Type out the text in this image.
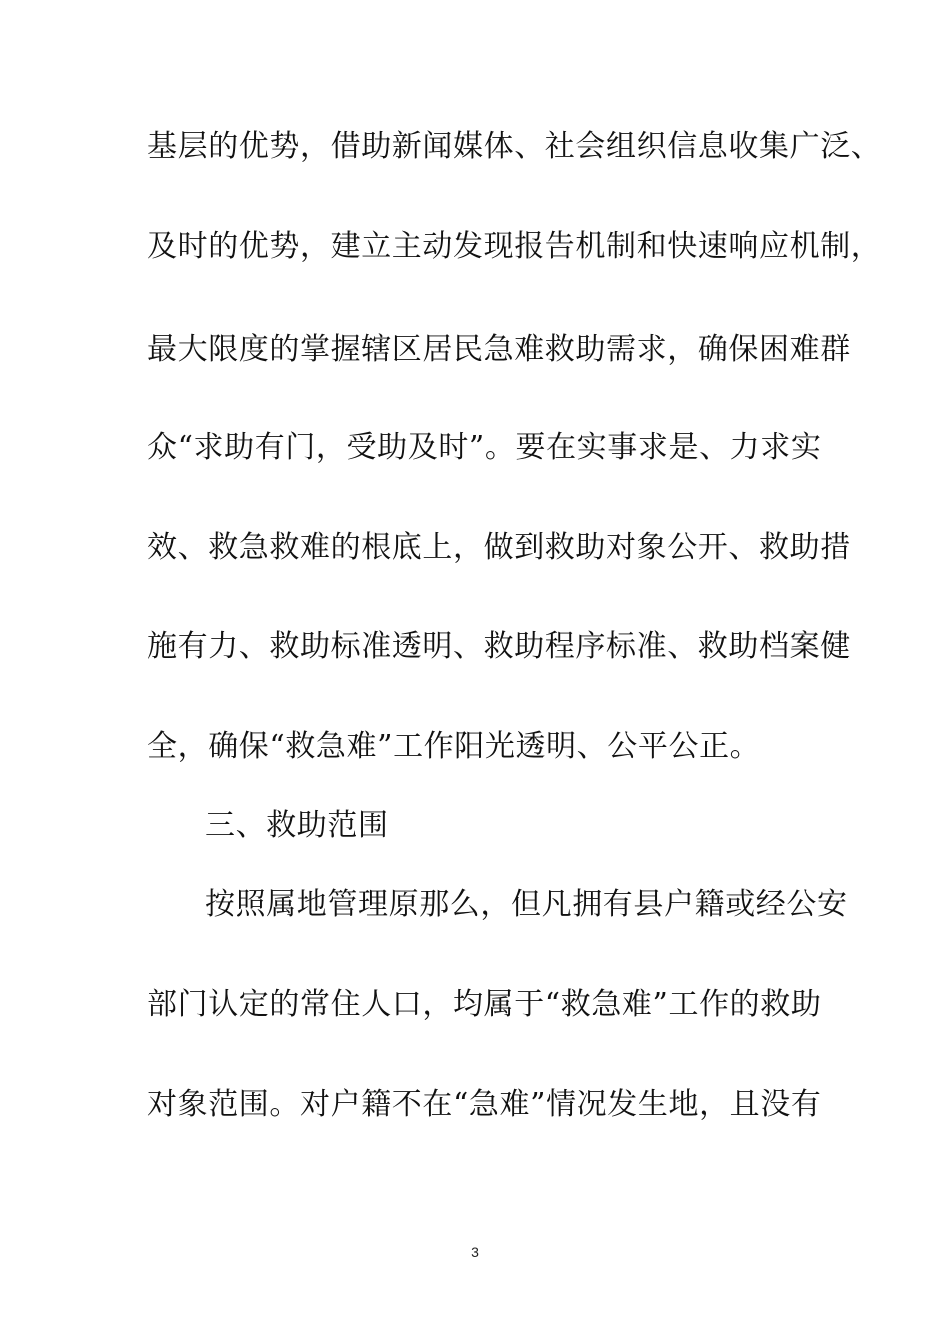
基层的优势，借助新闻媒体、社会组织信息收集广泛、
及时的优势，建立主动发现报告机制和快速响应机制，
最大限度的掌握辖区居民急难救助需求，确保困难群
众“求助有门，受助及时”。要在实事求是、力求实
效、救急救难的根底上，做到救助对象公开、救助措
施有力、救助标准透明、救助程序标准、救助档案健
全，确保“救急难”工作阳光透明、公平公正。
三、救助范围
按照属地管理原那么，但凡拥有县户籍或经公安
部门认定的常住人口，均属于“救急难”工作的救助
对象范围。对户籍不在“急难”情况发生地，且没有
3
